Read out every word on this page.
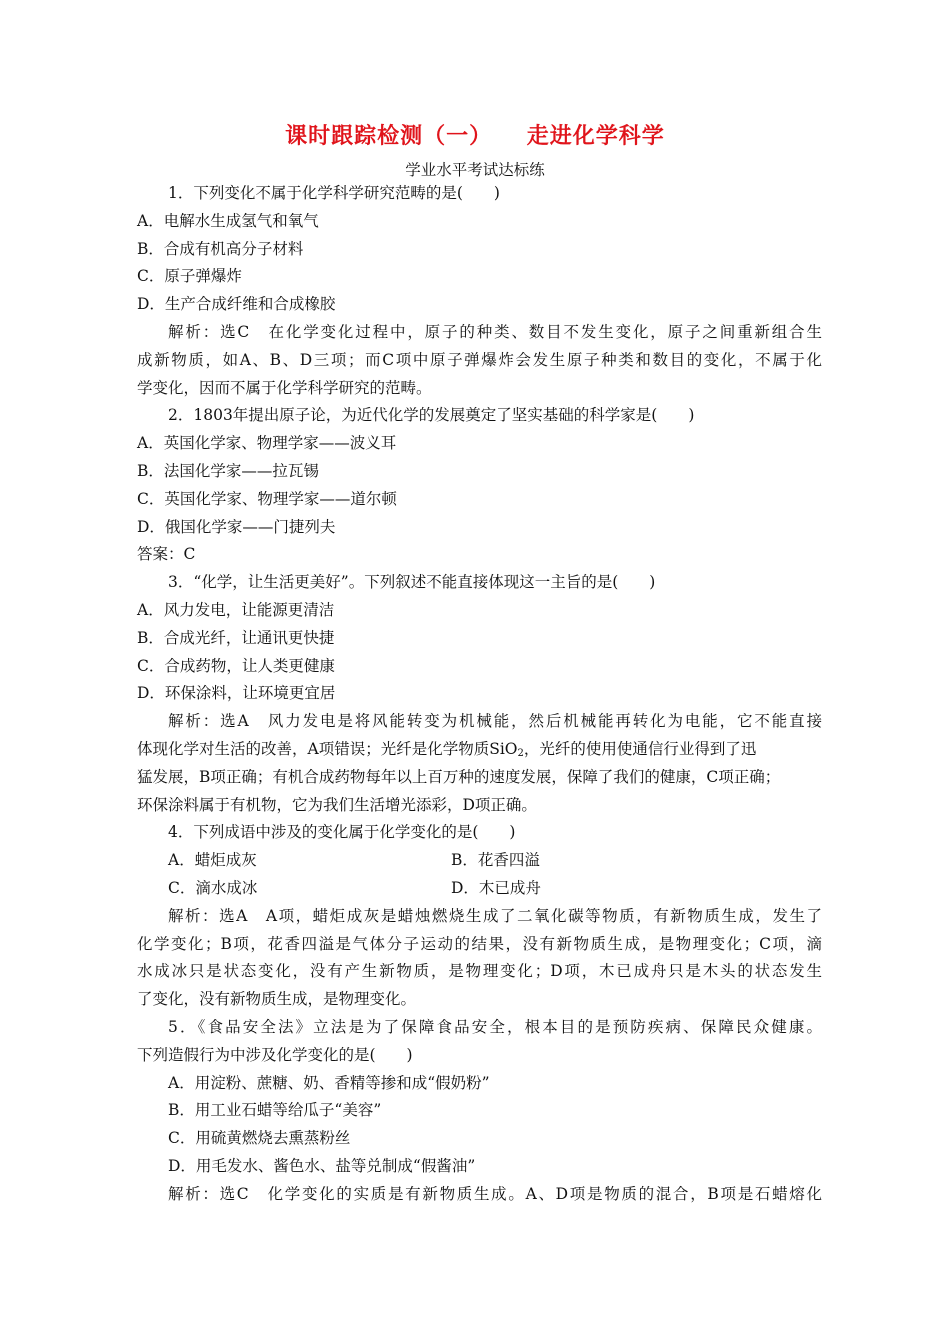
课时跟踪检测（一）    走进化学科学
学业水平考试达标练
1．下列变化不属于化学科学研究范畴的是(　　)
A．电解水生成氢气和氧气
B．合成有机高分子材料
C．原子弹爆炸
D．生产合成纤维和合成橡胶
解析：选C　在化学变化过程中，原子的种类、数目不发生变化，原子之间重新组合生
成新物质，如A、B、D三项；而C项中原子弹爆炸会发生原子种类和数目的变化，不属于化
学变化，因而不属于化学科学研究的范畴。
2．1803年提出原子论，为近代化学的发展奠定了坚实基础的科学家是(　　)
A．英国化学家、物理学家——波义耳
B．法国化学家——拉瓦锡
C．英国化学家、物理学家——道尔顿
D．俄国化学家——门捷列夫
答案：C
3．“化学，让生活更美好”。下列叙述不能直接体现这一主旨的是(　　)
A．风力发电，让能源更清洁
B．合成光纤，让通讯更快捷
C．合成药物，让人类更健康
D．环保涂料，让环境更宜居
解析：选A　风力发电是将风能转变为机械能，然后机械能再转化为电能，它不能直接
体现化学对生活的改善，A项错误；光纤是化学物质SiO$_2$，光纤的使用使通信行业得到了迅
猛发展，B项正确；有机合成药物每年以上百万种的速度发展，保障了我们的健康，C项正确；
环保涂料属于有机物，它为我们生活增光添彩，D项正确。
4．下列成语中涉及的变化属于化学变化的是(　　)
A．蜡炬成灰	B．花香四溢
C．滴水成冰	D．木已成舟
解析：选A　A项，蜡炬成灰是蜡烛燃烧生成了二氧化碳等物质，有新物质生成，发生了
化学变化；B项，花香四溢是气体分子运动的结果，没有新物质生成，是物理变化；C项，滴
水成冰只是状态变化，没有产生新物质，是物理变化；D项，木已成舟只是木头的状态发生
了变化，没有新物质生成，是物理变化。
5．《食品安全法》立法是为了保障食品安全，根本目的是预防疾病、保障民众健康。
下列造假行为中涉及化学变化的是(　　)
A．用淀粉、蔗糖、奶、香精等掺和成“假奶粉”
B．用工业石蜡等给瓜子“美容”
C．用硫黄燃烧去熏蒸粉丝
D．用毛发水、酱色水、盐等兑制成“假酱油”
解析：选C　化学变化的实质是有新物质生成。A、D项是物质的混合，B项是石蜡熔化
